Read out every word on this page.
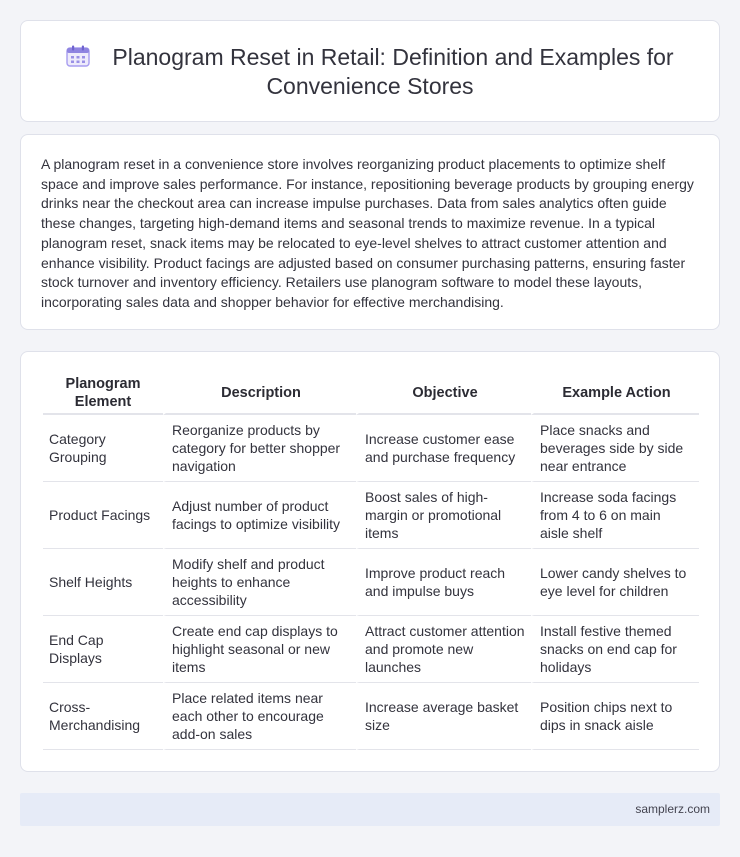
Planogram Reset in Retail: Definition and Examples for
Convenience Stores

A planogram reset in a convenience store involves reorganizing product placements to optimize shelf space and improve sales performance. For instance, repositioning beverage products by grouping energy drinks near the checkout area can increase impulse purchases. Data from sales analytics often guide these changes, targeting high-demand items and seasonal trends to maximize revenue. In a typical planogram reset, snack items may be relocated to eye-level shelves to attract customer attention and enhance visibility. Product facings are adjusted based on consumer purchasing patterns, ensuring faster stock turnover and inventory efficiency. Retailers use planogram software to model these layouts, incorporating sales data and shopper behavior for effective merchandising.

Planogram Element	Description	Objective	Example Action
Category Grouping	Reorganize products by category for better shopper navigation	Increase customer ease and purchase frequency	Place snacks and beverages side by side near entrance
Product Facings	Adjust number of product facings to optimize visibility	Boost sales of high-margin or promotional items	Increase soda facings from 4 to 6 on main aisle shelf
Shelf Heights	Modify shelf and product heights to enhance accessibility	Improve product reach and impulse buys	Lower candy shelves to eye level for children
End Cap Displays	Create end cap displays to highlight seasonal or new items	Attract customer attention and promote new launches	Install festive themed snacks on end cap for holidays
Cross-Merchandising	Place related items near each other to encourage add-on sales	Increase average basket size	Position chips next to dips in snack aisle
samplerz.com
